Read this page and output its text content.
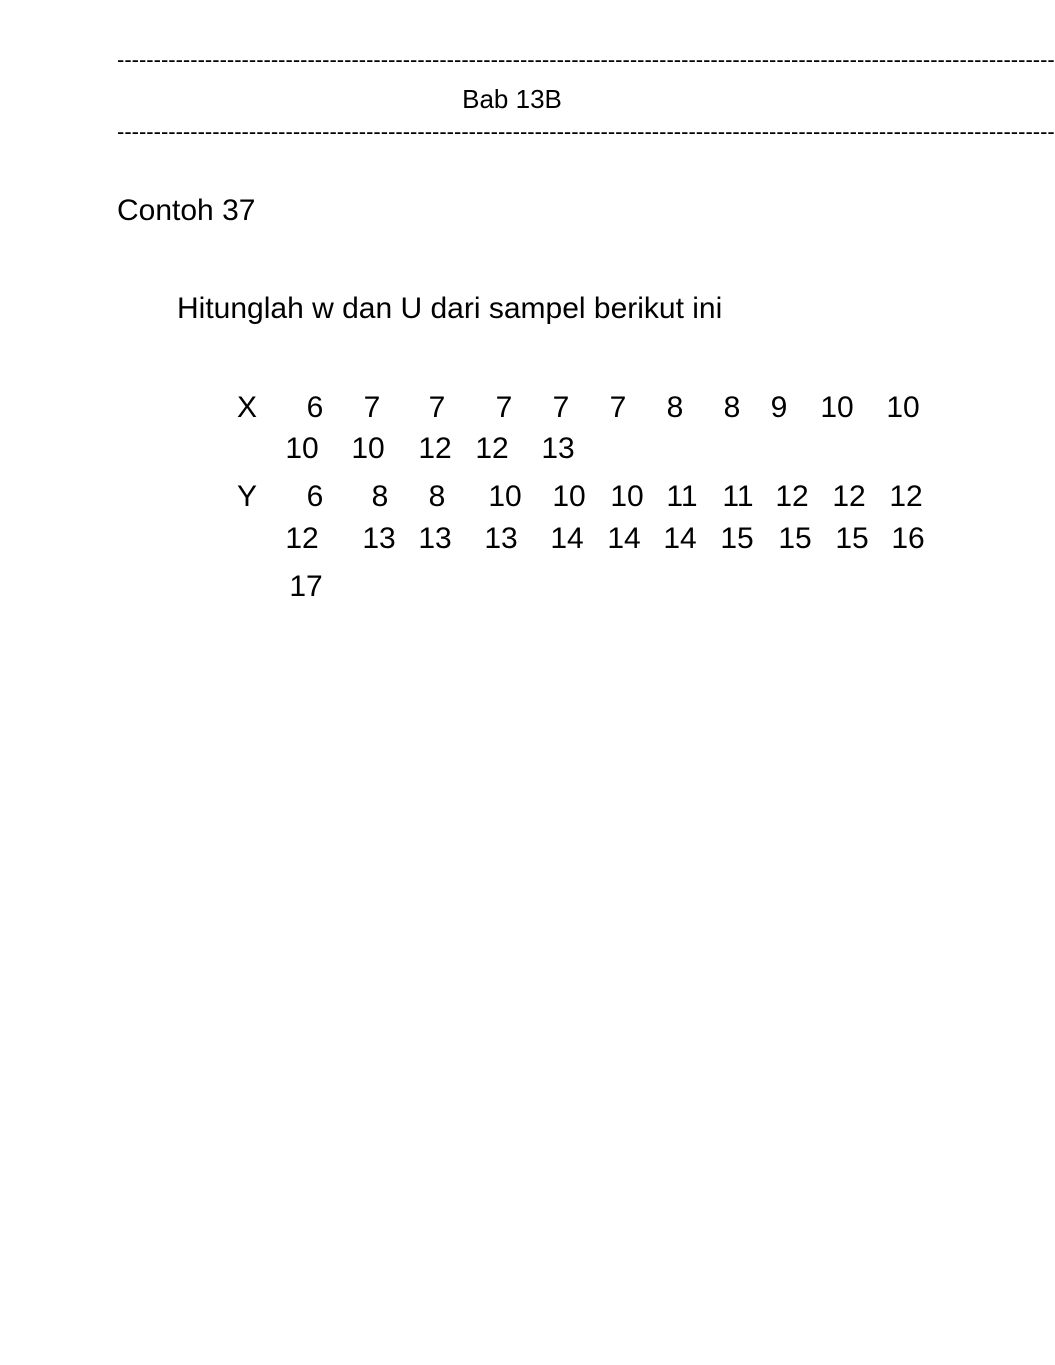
--------------------------------------------------------------------------------------------------------------------------------
Bab 13B
--------------------------------------------------------------------------------------------------------------------------------
Contoh 37
Hitunglah w dan U dari sampel berikut ini
X	6	7	7	7	7	7	8	8	9	10 10
10 10 12 12 13
Y	6	8	8	10 10 10 11 11 12 12 12
12 13 13 13 14 14 14 15 15 15 16
17
